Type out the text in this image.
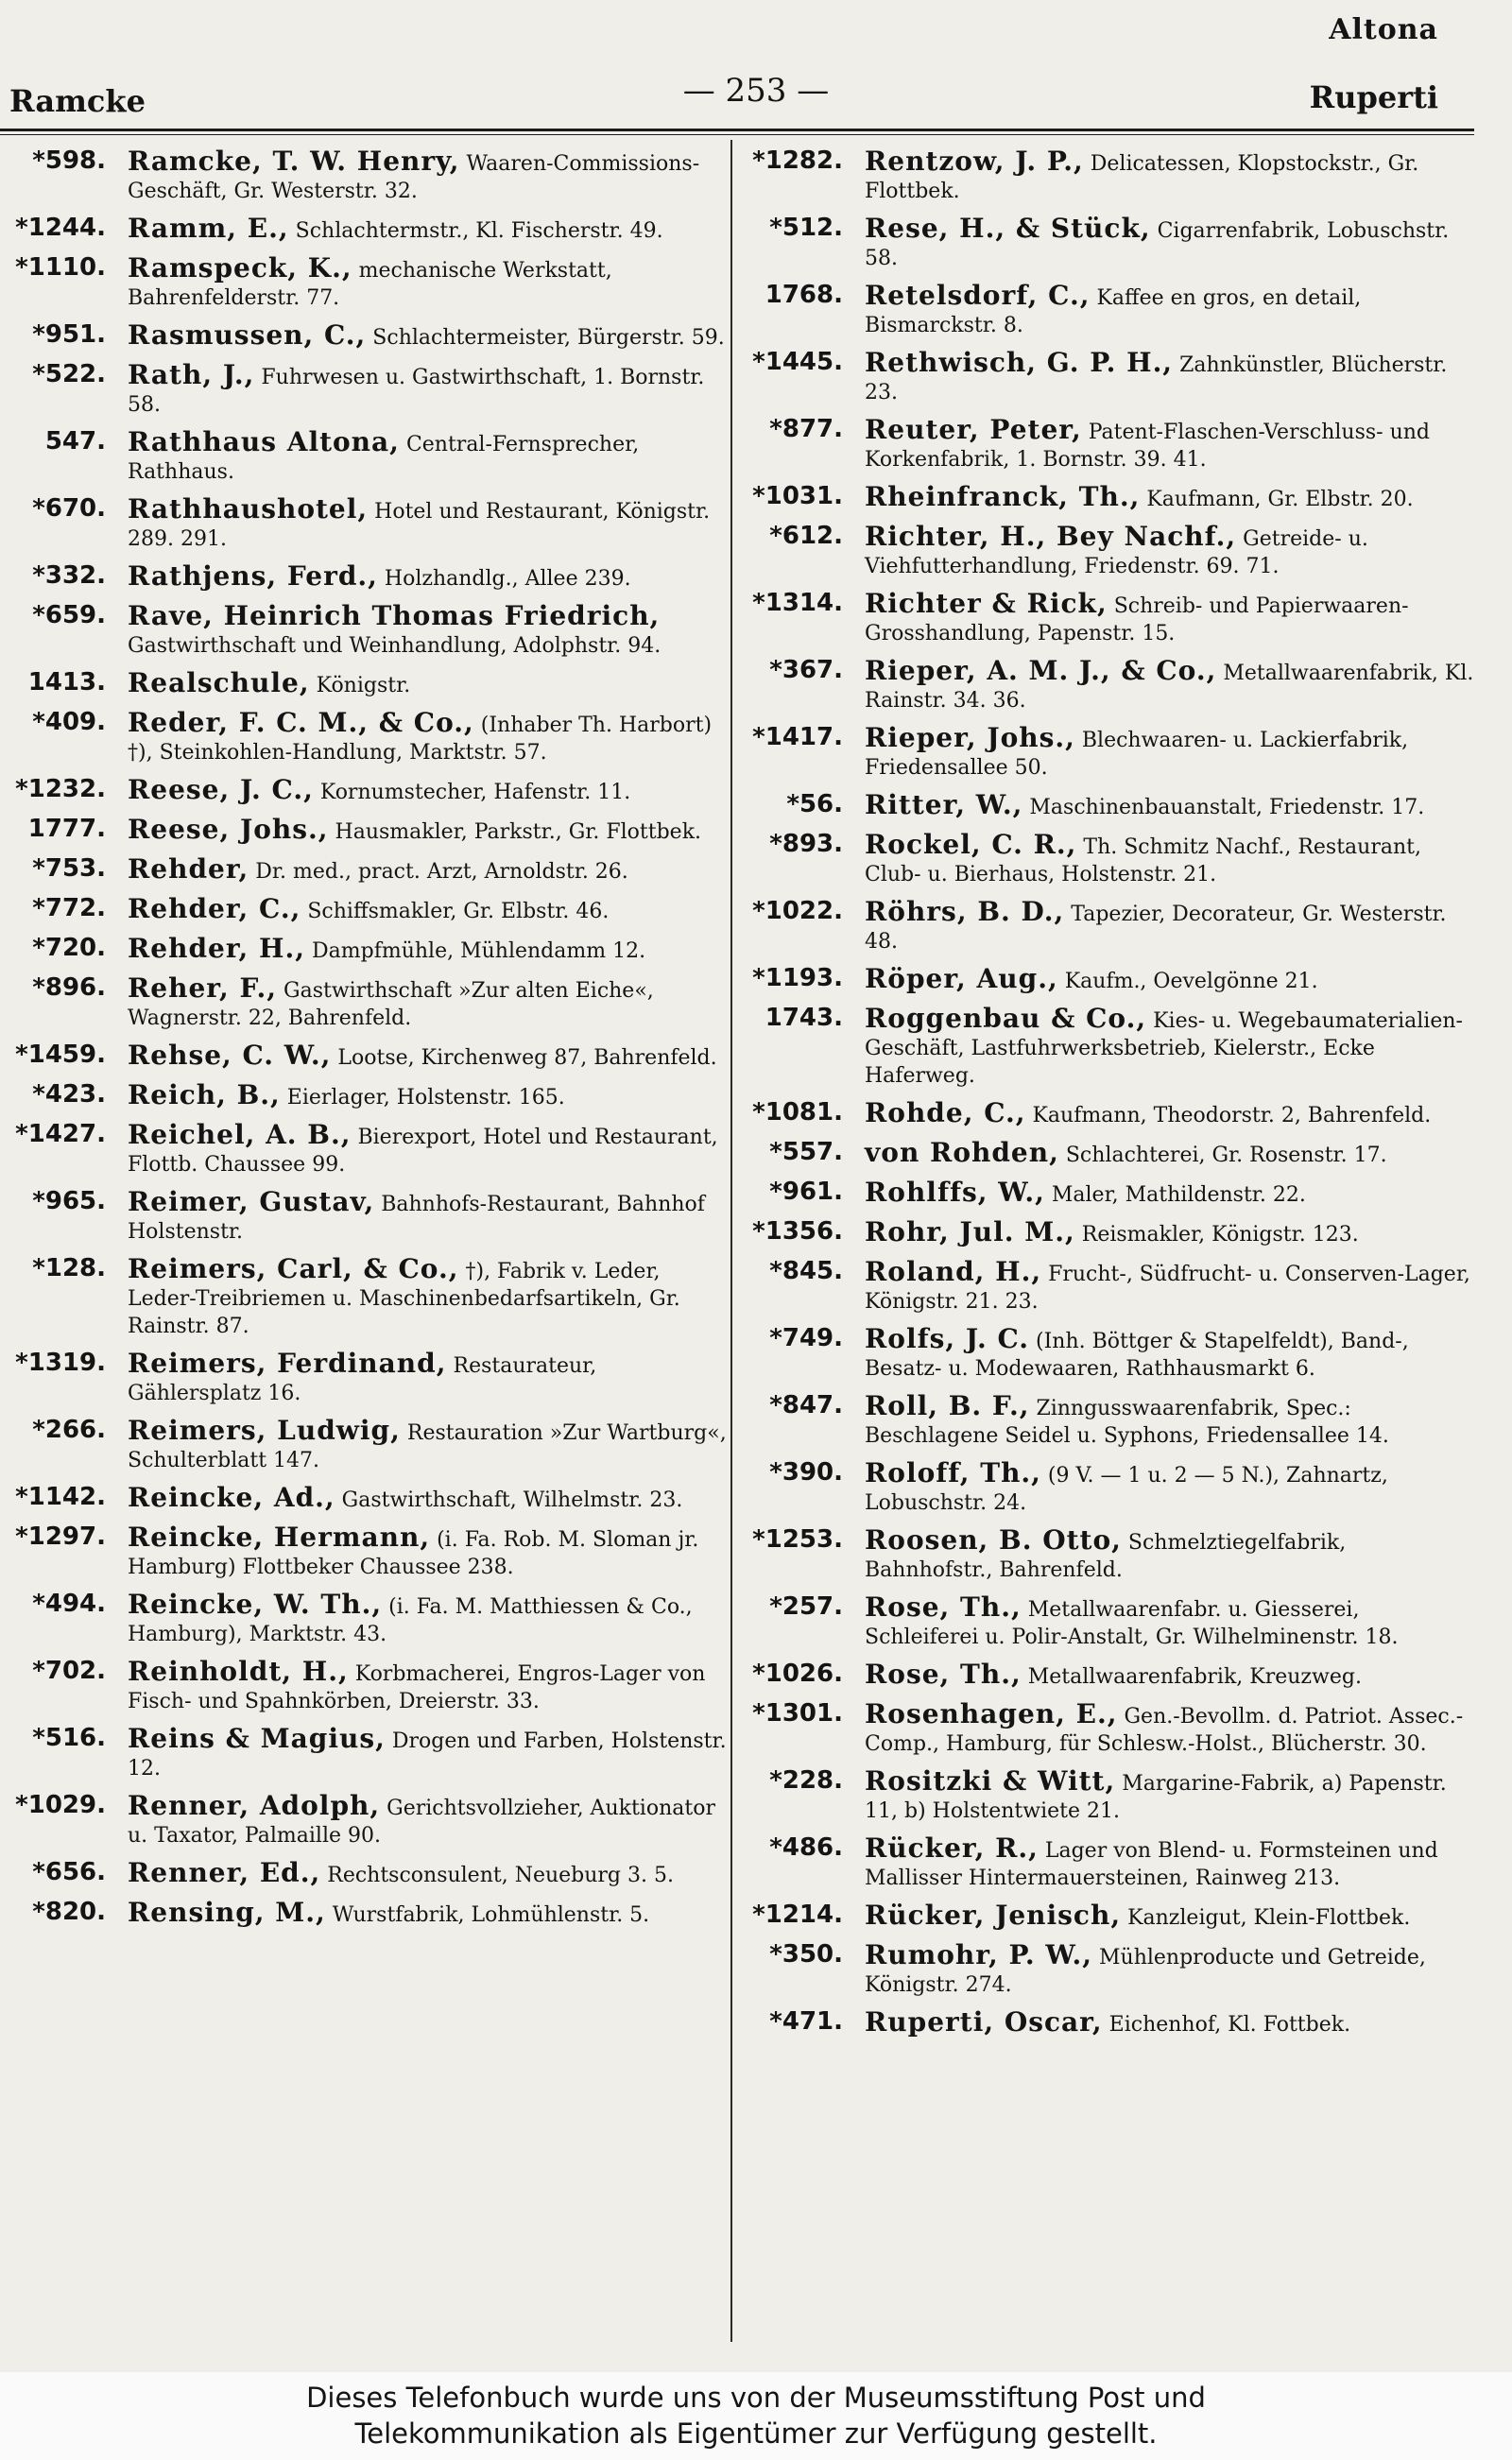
Altona
Ramcke	— 253 —	Ruperti
*598. Ramcke, T. W. Henry, Waaren-Commissions-Geschäft, Gr. Westerstr. 32.
*1244. Ramm, E., Schlachtermstr., Kl. Fischerstr. 49.
*1110. Ramspeck, K., mechanische Werkstatt, Bahrenfelderstr. 77.
*951. Rasmussen, C., Schlachtermeister, Bürgerstr. 59.
*522. Rath, J., Fuhrwesen u. Gastwirthschaft, 1. Bornstr. 58.
547. Rathhaus Altona, Central-Fernsprecher, Rathhaus.
*670. Rathhaushotel, Hotel und Restaurant, Königstr. 289. 291.
*332. Rathjens, Ferd., Holzhandlg., Allee 239.
*659. Rave, Heinrich Thomas Friedrich, Gastwirthschaft und Weinhandlung, Adolphstr. 94.
1413. Realschule, Königstr.
*409. Reder, F. C. M., & Co., (Inhaber Th. Harbort) †), Steinkohlen-Handlung, Marktstr. 57.
*1232. Reese, J. C., Kornumstecher, Hafenstr. 11.
1777. Reese, Johs., Hausmakler, Parkstr., Gr. Flottbek.
*753. Rehder, Dr. med., pract. Arzt, Arnoldstr. 26.
*772. Rehder, C., Schiffsmakler, Gr. Elbstr. 46.
*720. Rehder, H., Dampfmühle, Mühlendamm 12.
*896. Reher, F., Gastwirthschaft »Zur alten Eiche«, Wagnerstr. 22, Bahrenfeld.
*1459. Rehse, C. W., Lootse, Kirchenweg 87, Bahrenfeld.
*423. Reich, B., Eierlager, Holstenstr. 165.
*1427. Reichel, A. B., Bierexport, Hotel und Restaurant, Flottb. Chaussee 99.
*965. Reimer, Gustav, Bahnhofs-Restaurant, Bahnhof Holstenstr.
*128. Reimers, Carl, & Co., †), Fabrik v. Leder, Leder-Treibriemen u. Maschinenbedarfsartikeln, Gr. Rainstr. 87.
*1319. Reimers, Ferdinand, Restaurateur, Gählersplatz 16.
*266. Reimers, Ludwig, Restauration »Zur Wartburg«, Schulterblatt 147.
*1142. Reincke, Ad., Gastwirthschaft, Wilhelmstr. 23.
*1297. Reincke, Hermann, (i. Fa. Rob. M. Sloman jr. Hamburg) Flottbeker Chaussee 238.
*494. Reincke, W. Th., (i. Fa. M. Matthiessen & Co., Hamburg), Marktstr. 43.
*702. Reinholdt, H., Korbmacherei, Engros-Lager von Fisch- und Spahnkörben, Dreierstr. 33.
*516. Reins & Magius, Drogen und Farben, Holstenstr. 12.
*1029. Renner, Adolph, Gerichtsvollzieher, Auktionator u. Taxator, Palmaille 90.
*656. Renner, Ed., Rechtsconsulent, Neueburg 3. 5.
*820. Rensing, M., Wurstfabrik, Lohmühlenstr. 5.
*1282. Rentzow, J. P., Delicatessen, Klopstockstr., Gr. Flottbek.
*512. Rese, H., & Stück, Cigarrenfabrik, Lobuschstr. 58.
1768. Retelsdorf, C., Kaffee en gros, en detail, Bismarckstr. 8.
*1445. Rethwisch, G. P. H., Zahnkünstler, Blücherstr. 23.
*877. Reuter, Peter, Patent-Flaschen-Verschluss- und Korkenfabrik, 1. Bornstr. 39. 41.
*1031. Rheinfranck, Th., Kaufmann, Gr. Elbstr. 20.
*612. Richter, H., Bey Nachf., Getreide- u. Viehfutterhandlung, Friedenstr. 69. 71.
*1314. Richter & Rick, Schreib- und Papierwaaren-Grosshandlung, Papenstr. 15.
*367. Rieper, A. M. J., & Co., Metallwaarenfabrik, Kl. Rainstr. 34. 36.
*1417. Rieper, Johs., Blechwaaren- u. Lackierfabrik, Friedensallee 50.
*56. Ritter, W., Maschinenbauanstalt, Friedenstr. 17.
*893. Rockel, C. R., Th. Schmitz Nachf., Restaurant, Club- u. Bierhaus, Holstenstr. 21.
*1022. Röhrs, B. D., Tapezier, Decorateur, Gr. Westerstr. 48.
*1193. Röper, Aug., Kaufm., Oevelgönne 21.
1743. Roggenbau & Co., Kies- u. Wegebaumaterialien-Geschäft, Lastfuhrwerksbetrieb, Kielerstr., Ecke Haferweg.
*1081. Rohde, C., Kaufmann, Theodorstr. 2, Bahrenfeld.
*557. von Rohden, Schlachterei, Gr. Rosenstr. 17.
*961. Rohlffs, W., Maler, Mathildenstr. 22.
*1356. Rohr, Jul. M., Reismakler, Königstr. 123.
*845. Roland, H., Frucht-, Südfrucht- u. Conserven-Lager, Königstr. 21. 23.
*749. Rolfs, J. C. (Inh. Böttger & Stapelfeldt), Band-, Besatz- u. Modewaaren, Rathhausmarkt 6.
*847. Roll, B. F., Zinngusswaarenfabrik, Spec.: Beschlagene Seidel u. Syphons, Friedensallee 14.
*390. Roloff, Th., (9 V. — 1 u. 2 — 5 N.), Zahnartz, Lobuschstr. 24.
*1253. Roosen, B. Otto, Schmelztiegelfabrik, Bahnhofstr., Bahrenfeld.
*257. Rose, Th., Metallwaarenfabr. u. Giesserei, Schleiferei u. Polir-Anstalt, Gr. Wilhelminenstr. 18.
*1026. Rose, Th., Metallwaarenfabrik, Kreuzweg.
*1301. Rosenhagen, E., Gen.-Bevollm. d. Patriot. Assec.-Comp., Hamburg, für Schlesw.-Holst., Blücherstr. 30.
*228. Rositzki & Witt, Margarine-Fabrik, a) Papenstr. 11, b) Holstentwiete 21.
*486. Rücker, R., Lager von Blend- u. Formsteinen und Mallisser Hintermauersteinen, Rainweg 213.
*1214. Rücker, Jenisch, Kanzleigut, Klein-Flottbek.
*350. Rumohr, P. W., Mühlenproducte und Getreide, Königstr. 274.
*471. Ruperti, Oscar, Eichenhof, Kl. Fottbek.
Dieses Telefonbuch wurde uns von der Museumsstiftung Post und
Telekommunikation als Eigentümer zur Verfügung gestellt.
